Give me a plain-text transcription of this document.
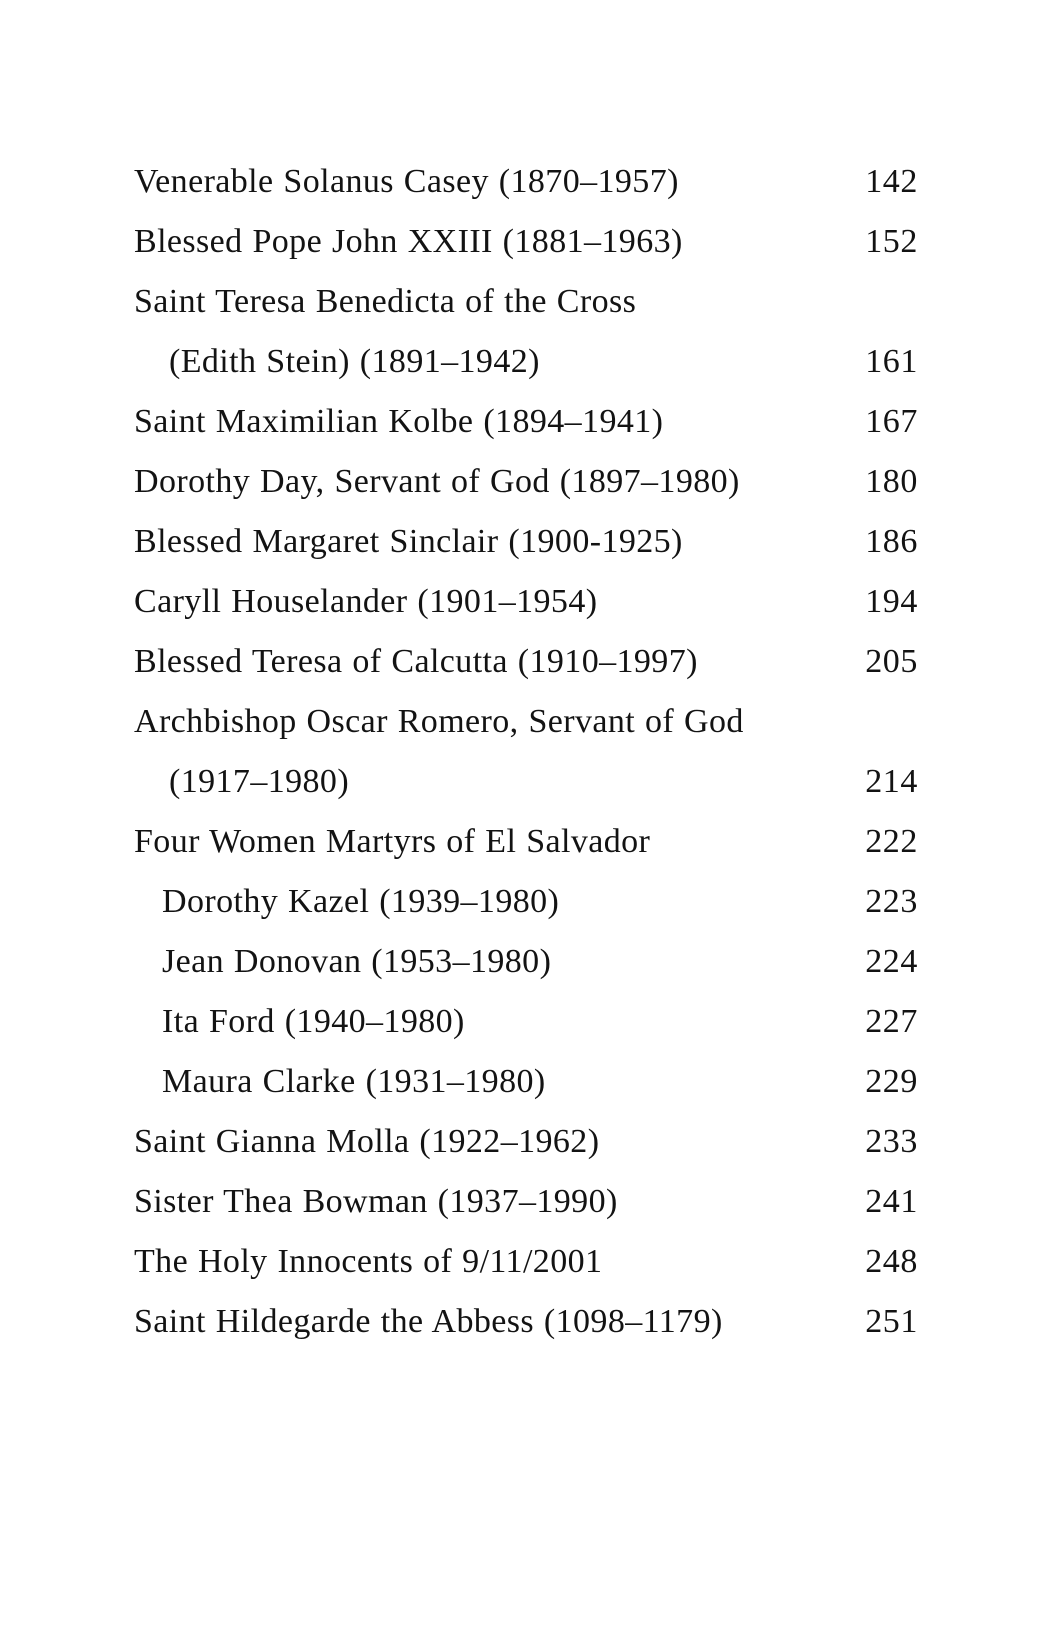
Venerable Solanus Casey (1870–1957)	142
Blessed Pope John XXIII (1881–1963)	152
Saint Teresa Benedicta of the Cross
(Edith Stein) (1891–1942)	161
Saint Maximilian Kolbe (1894–1941)	167
Dorothy Day, Servant of God (1897–1980)	180
Blessed Margaret Sinclair (1900-1925)	186
Caryll Houselander (1901–1954)	194
Blessed Teresa of Calcutta (1910–1997)	205
Archbishop Oscar Romero, Servant of God
(1917–1980)	214
Four Women Martyrs of El Salvador	222
Dorothy Kazel (1939–1980)	223
Jean Donovan (1953–1980)	224
Ita Ford (1940–1980)	227
Maura Clarke (1931–1980)	229
Saint Gianna Molla (1922–1962)	233
Sister Thea Bowman (1937–1990)	241
The Holy Innocents of 9/11/2001	248
Saint Hildegarde the Abbess (1098–1179)	251
